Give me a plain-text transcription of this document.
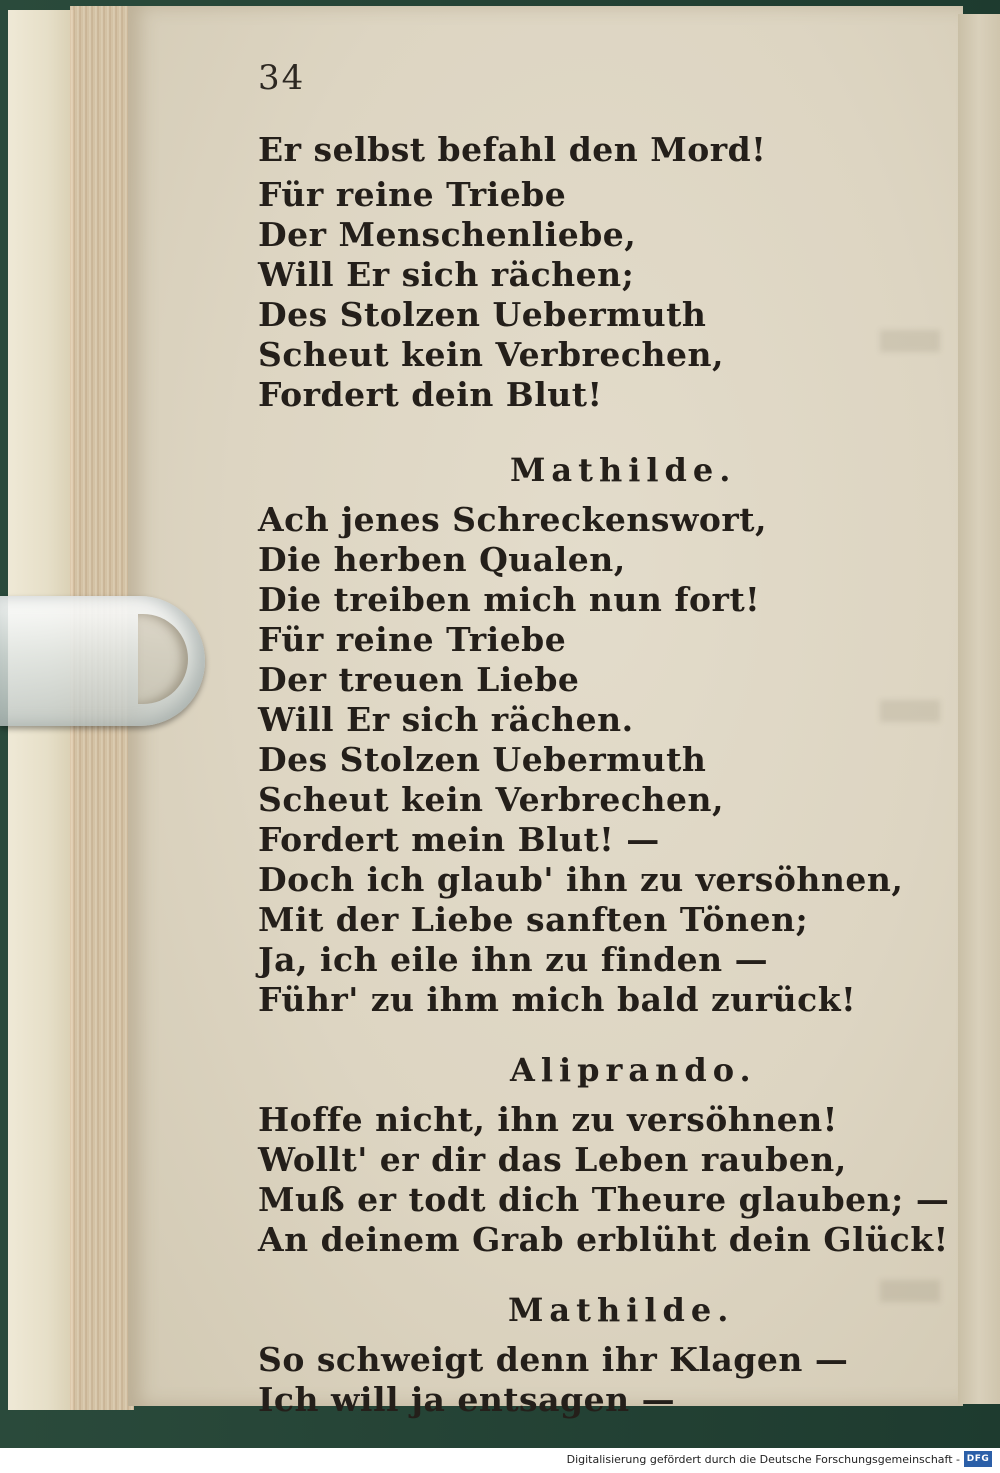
34
Er selbst befahl den Mord!
Für reine Triebe
Der Menschenliebe,
Will Er sich rächen;
Des Stolzen Uebermuth
Scheut kein Verbrechen,
Fordert dein Blut!
Mathilde.
Ach jenes Schreckenswort,
Die herben Qualen,
Die treiben mich nun fort!
Für reine Triebe
Der treuen Liebe
Will Er sich rächen.
Des Stolzen Uebermuth
Scheut kein Verbrechen,
Fordert mein Blut! —
Doch ich glaub' ihn zu versöhnen,
Mit der Liebe sanften Tönen;
Ja, ich eile ihn zu finden —
Führ' zu ihm mich bald zurück!
Aliprando.
Hoffe nicht, ihn zu versöhnen!
Wollt' er dir das Leben rauben,
Muß er todt dich Theure glauben; —
An deinem Grab erblüht dein Glück!
Mathilde.
So schweigt denn ihr Klagen —
Ich will ja entsagen —
Digitalisierung gefördert durch die Deutsche Forschungsgemeinschaft - DFG
